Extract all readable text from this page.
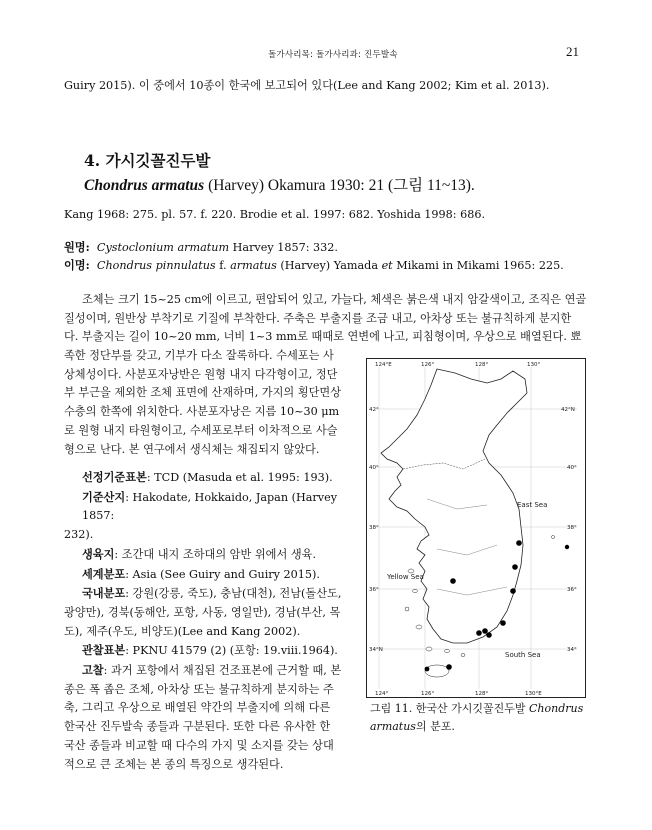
돌가사리목: 돌가사리과: 진두발속	21
Guiry 2015). 이 중에서 10종이 한국에 보고되어 있다(Lee and Kang 2002; Kim et al. 2013).
4. 가시깃꼴진두발
Chondrus armatus (Harvey) Okamura 1930: 21 (그림 11~13).
Kang 1968: 275. pl. 57. f. 220. Brodie et al. 1997: 682. Yoshida 1998: 686.
원명: Cystoclonium armatum Harvey 1857: 332.
이명: Chondrus pinnulatus f. armatus (Harvey) Yamada et Mikami in Mikami 1965: 225.
조체는 크기 15~25 cm에 이르고, 편압되어 있고, 가늘다, 체색은 붉은색 내지 암갈색이고, 조직은 연골
질성이며, 원반상 부착기로 기질에 부착한다. 주축은 부출지를 조금 내고, 아차상 또는 불규칙하게 분지한
다. 부출지는 길이 10~20 mm, 너비 1~3 mm로 때때로 연변에 나고, 피침형이며, 우상으로 배열된다. 뾰
족한 정단부를 갖고, 기부가 다소 잘록하다. 수세포는 사
상체성이다. 사분포자낭반은 원형 내지 다각형이고, 정단
부 부근을 제외한 조체 표면에 산재하며, 가지의 횡단면상
수층의 한쪽에 위치한다. 사분포자낭은 지름 10~30 μm
로 원형 내지 타원형이고, 수세포로부터 이차적으로 사슬
형으로 난다. 본 연구에서 생식체는 채집되지 않았다.
선정기준표본: TCD (Masuda et al. 1995: 193).
기준산지: Hakodate, Hokkaido, Japan (Harvey 1857:
232).
생육지: 조간대 내지 조하대의 암반 위에서 생육.
세계분포: Asia (See Guiry and Guiry 2015).
국내분포: 강원(강릉, 죽도), 충남(대천), 전남(돌산도,
광양만), 경북(동해안, 포항, 사동, 영일만), 경남(부산, 목
도), 제주(우도, 비양도)(Lee and Kang 2002).
관찰표본: PKNU 41579 (2) (포항: 19.viii.1964).
고찰: 과거 포항에서 채집된 건조표본에 근거할 때, 본
종은 폭 좁은 조체, 아차상 또는 불규칙하게 분지하는 주
축, 그리고 우상으로 배열된 약간의 부출지에 의해 다른
한국산 진두발속 종들과 구분된다. 또한 다른 유사한 한
국산 종들과 비교할 때 다수의 가지 및 소지를 갖는 상대
적으로 큰 조체는 본 종의 특징으로 생각된다.
124°E	126°	128°	130°
124°	126°	128°	130°E
42°
40°
38°
36°
34°N
42°N
40°
38°
36°
34°
East Sea
Yellow Sea
South Sea
그림 11. 한국산 가시깃꼴진두발 Chondrus
armatus의 분포.
